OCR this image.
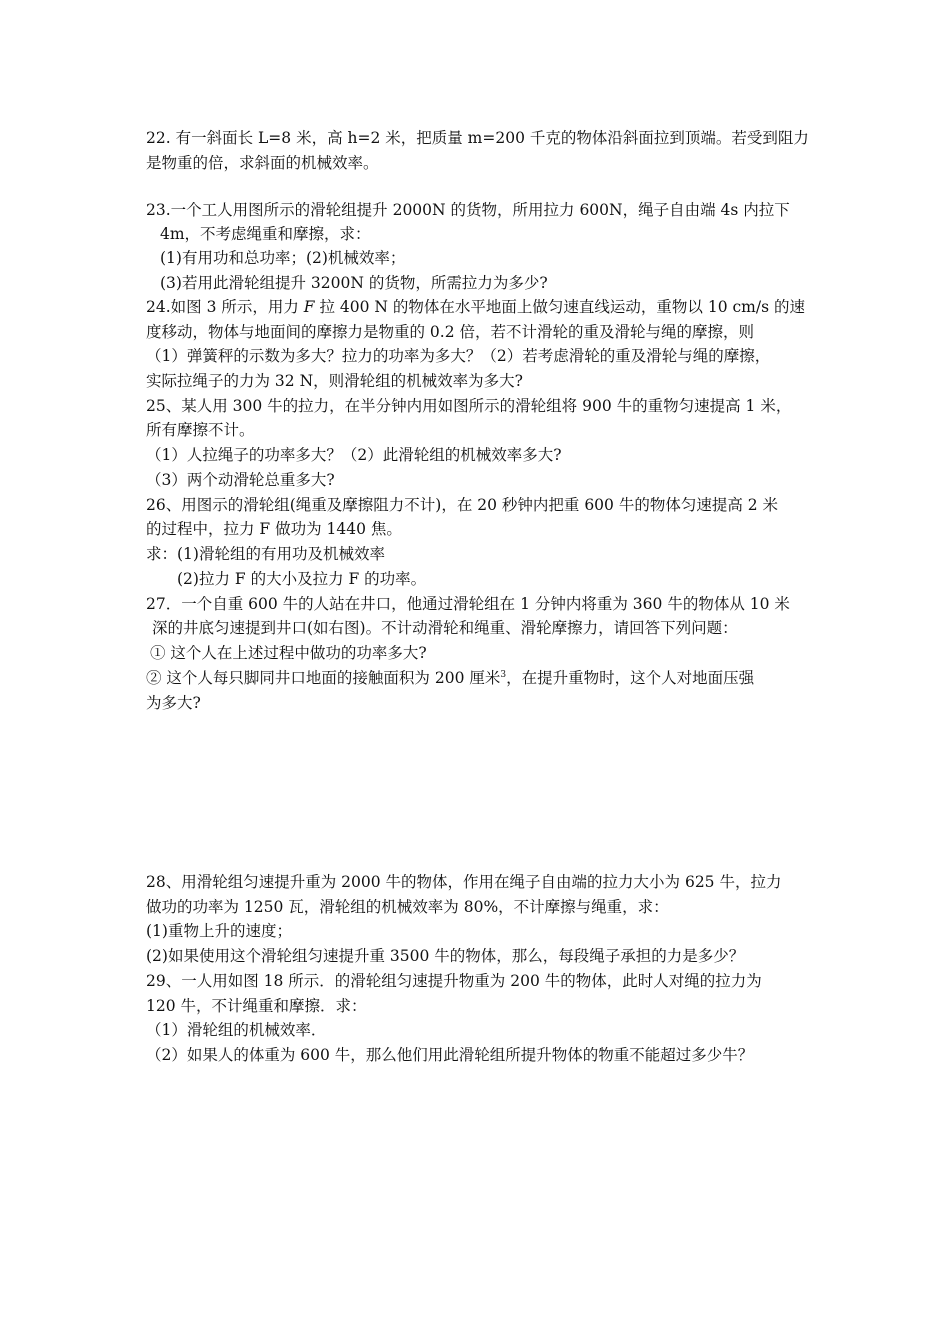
22. 有一斜面长 L=8 米，高 h=2 米，把质量 m=200 千克的物体沿斜面拉到顶端。若受到阻力
是物重的倍，求斜面的机械效率。
23.一个工人用图所示的滑轮组提升 2000N 的货物，所用拉力 600N，绳子自由端 4s 内拉下
4m，不考虑绳重和摩擦，求：
(1)有用功和总功率；(2)机械效率；
(3)若用此滑轮组提升 3200N 的货物，所需拉力为多少?
24.如图 3 所示，用力 F 拉 400 N 的物体在水平地面上做匀速直线运动，重物以 10 cm/s 的速
度移动，物体与地面间的摩擦力是物重的 0.2 倍，若不计滑轮的重及滑轮与绳的摩擦，则
（1）弹簧秤的示数为多大？拉力的功率为多大？（2）若考虑滑轮的重及滑轮与绳的摩擦，
实际拉绳子的力为 32 N，则滑轮组的机械效率为多大?
25、某人用 300 牛的拉力，在半分钟内用如图所示的滑轮组将 900 牛的重物匀速提高 1 米，
所有摩擦不计。
（1）人拉绳子的功率多大？（2）此滑轮组的机械效率多大?
（3）两个动滑轮总重多大?
26、用图示的滑轮组(绳重及摩擦阻力不计)，在 20 秒钟内把重 600 牛的物体匀速提高 2 米
的过程中，拉力 F 做功为 1440 焦。
求：(1)滑轮组的有用功及机械效率
(2)拉力 F 的大小及拉力 F 的功率。
27．一个自重 600 牛的人站在井口，他通过滑轮组在 1 分钟内将重为 360 牛的物体从 10 米
深的井底匀速提到井口(如右图)。不计动滑轮和绳重、滑轮摩擦力，请回答下列问题：
① 这个人在上述过程中做功的功率多大?
② 这个人每只脚同井口地面的接触面积为 200 厘米$^3$，在提升重物时，这个人对地面压强
为多大?
28、用滑轮组匀速提升重为 2000 牛的物体，作用在绳子自由端的拉力大小为 625 牛，拉力
做功的功率为 1250 瓦，滑轮组的机械效率为 80%，不计摩擦与绳重，求：
(1)重物上升的速度；
(2)如果使用这个滑轮组匀速提升重 3500 牛的物体，那么，每段绳子承担的力是多少？
29、一人用如图 18 所示．的滑轮组匀速提升物重为 200 牛的物体，此时人对绳的拉力为
120 牛，不计绳重和摩擦．求：
（1）滑轮组的机械效率．
（2）如果人的体重为 600 牛，那么他们用此滑轮组所提升物体的物重不能超过多少牛？
